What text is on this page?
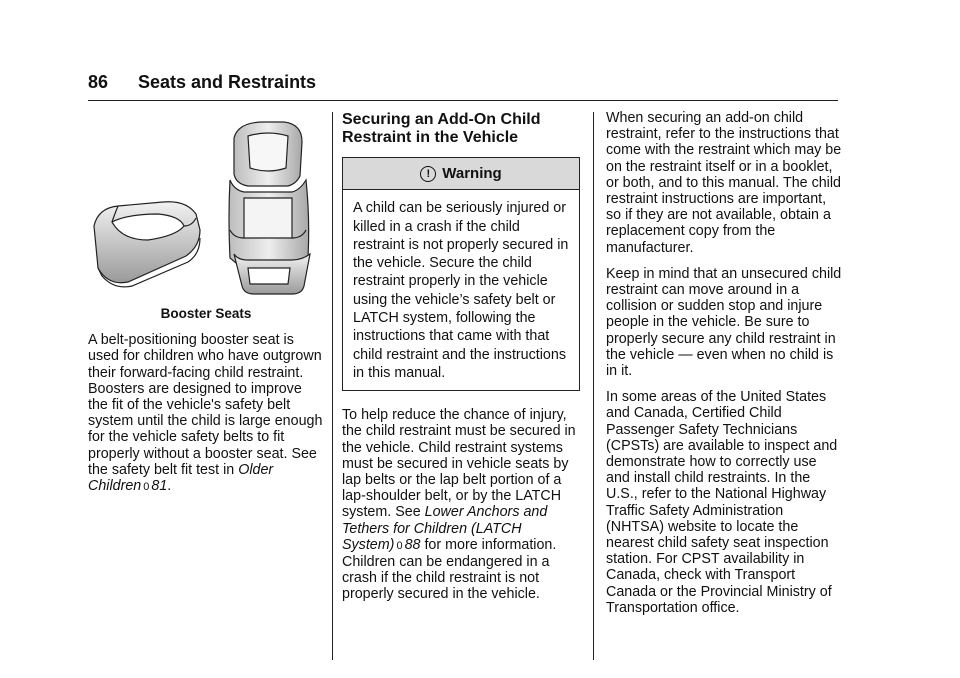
86 Seats and Restraints
Booster Seats

A belt-positioning booster seat is used for children who have outgrown their forward-facing child restraint. Boosters are designed to improve the fit of the vehicle's safety belt system until the child is large enough for the vehicle safety belts to fit properly without a booster seat. See the safety belt fit test in Older Children 0 81.

Securing an Add-On Child Restraint in the Vehicle
! Warning
A child can be seriously injured or killed in a crash if the child restraint is not properly secured in the vehicle. Secure the child restraint properly in the vehicle using the vehicle’s safety belt or LATCH system, following the instructions that came with that child restraint and the instructions in this manual.

To help reduce the chance of injury, the child restraint must be secured in the vehicle. Child restraint systems must be secured in vehicle seats by lap belts or the lap belt portion of a lap-shoulder belt, or by the LATCH system. See Lower Anchors and Tethers for Children (LATCH System) 0 88 for more information. Children can be endangered in a crash if the child restraint is not properly secured in the vehicle.

When securing an add-on child restraint, refer to the instructions that come with the restraint which may be on the restraint itself or in a booklet, or both, and to this manual. The child restraint instructions are important, so if they are not available, obtain a replacement copy from the manufacturer.

Keep in mind that an unsecured child restraint can move around in a collision or sudden stop and injure people in the vehicle. Be sure to properly secure any child restraint in the vehicle — even when no child is in it.

In some areas of the United States and Canada, Certified Child Passenger Safety Technicians (CPSTs) are available to inspect and demonstrate how to correctly use and install child restraints. In the U.S., refer to the National Highway Traffic Safety Administration (NHTSA) website to locate the nearest child safety seat inspection station. For CPST availability in Canada, check with Transport Canada or the Provincial Ministry of Transportation office.
